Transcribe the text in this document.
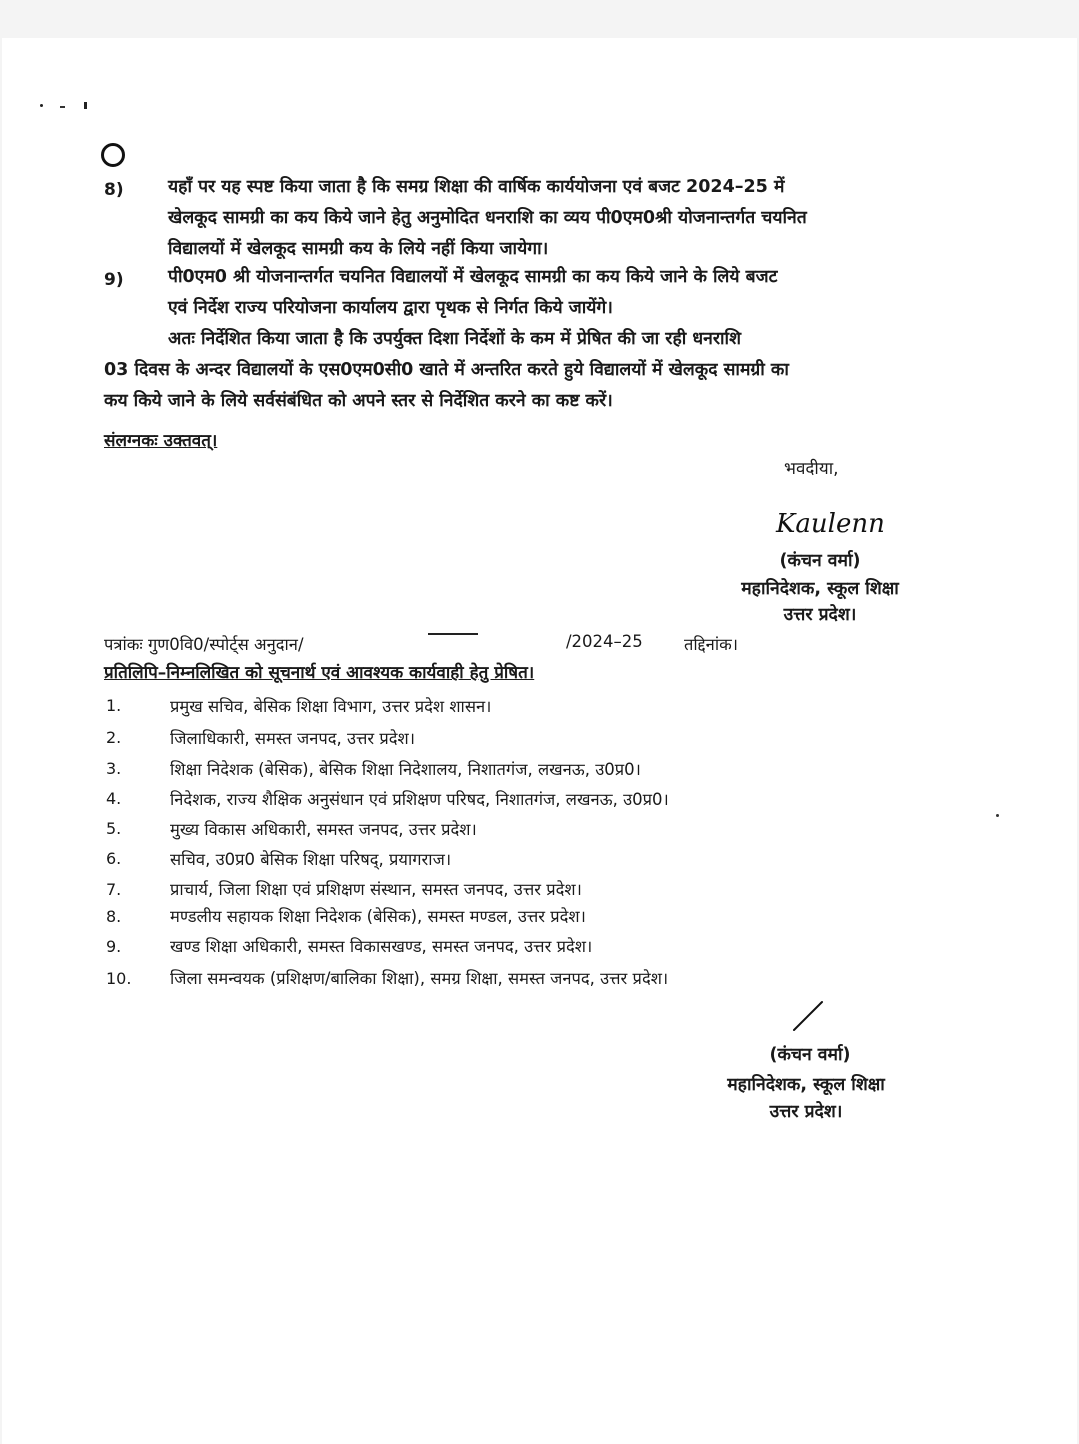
8)	यहाँ पर यह स्पष्ट किया जाता है कि समग्र शिक्षा की वार्षिक कार्ययोजना एवं बजट 2024–25 में
खेलकूद सामग्री का कय किये जाने हेतु अनुमोदित धनराशि का व्यय पी0एम0श्री योजनान्तर्गत चयनित
विद्यालयों में खेलकूद सामग्री कय के लिये नहीं किया जायेगा।
9)	पी0एम0 श्री योजनान्तर्गत चयनित विद्यालयों में खेलकूद सामग्री का कय किये जाने के लिये बजट
एवं निर्देश राज्य परियोजना कार्यालय द्वारा पृथक से निर्गत किये जायेंगे।
अतः निर्देशित किया जाता है कि उपर्युक्त दिशा निर्देशों के कम में प्रेषित की जा रही धनराशि
03 दिवस के अन्दर विद्यालयों के एस0एम0सी0 खाते में अन्तरित करते हुये विद्यालयों में खेलकूद सामग्री का
कय किये जाने के लिये सर्वसंबंधित को अपने स्तर से निर्देशित करने का कष्ट करें।
संलग्नकः उक्तवत्।
भवदीया,
Kaulenn
(कंचन वर्मा)
महानिदेशक, स्कूल शिक्षा
उत्तर प्रदेश।
पत्रांकः गुण0वि0/स्पोर्ट्स अनुदान/	/2024–25 तद्दिनांक।
प्रतिलिपि–निम्नलिखित को सूचनार्थ एवं आवश्यक कार्यवाही हेतु प्रेषित।
1.	प्रमुख सचिव, बेसिक शिक्षा विभाग, उत्तर प्रदेश शासन।
2.	जिलाधिकारी, समस्त जनपद, उत्तर प्रदेश।
3.	शिक्षा निदेशक (बेसिक), बेसिक शिक्षा निदेशालय, निशातगंज, लखनऊ, उ0प्र0।
4.	निदेशक, राज्य शैक्षिक अनुसंधान एवं प्रशिक्षण परिषद, निशातगंज, लखनऊ, उ0प्र0।
5.	मुख्य विकास अधिकारी, समस्त जनपद, उत्तर प्रदेश।
6.	सचिव, उ0प्र0 बेसिक शिक्षा परिषद्, प्रयागराज।
7.	प्राचार्य, जिला शिक्षा एवं प्रशिक्षण संस्थान, समस्त जनपद, उत्तर प्रदेश।
8.	मण्डलीय सहायक शिक्षा निदेशक (बेसिक), समस्त मण्डल, उत्तर प्रदेश।
9.	खण्ड शिक्षा अधिकारी, समस्त विकासखण्ड, समस्त जनपद, उत्तर प्रदेश।
10. जिला समन्वयक (प्रशिक्षण/बालिका शिक्षा), समग्र शिक्षा, समस्त जनपद, उत्तर प्रदेश।
(कंचन वर्मा)
महानिदेशक, स्कूल शिक्षा
उत्तर प्रदेश।
